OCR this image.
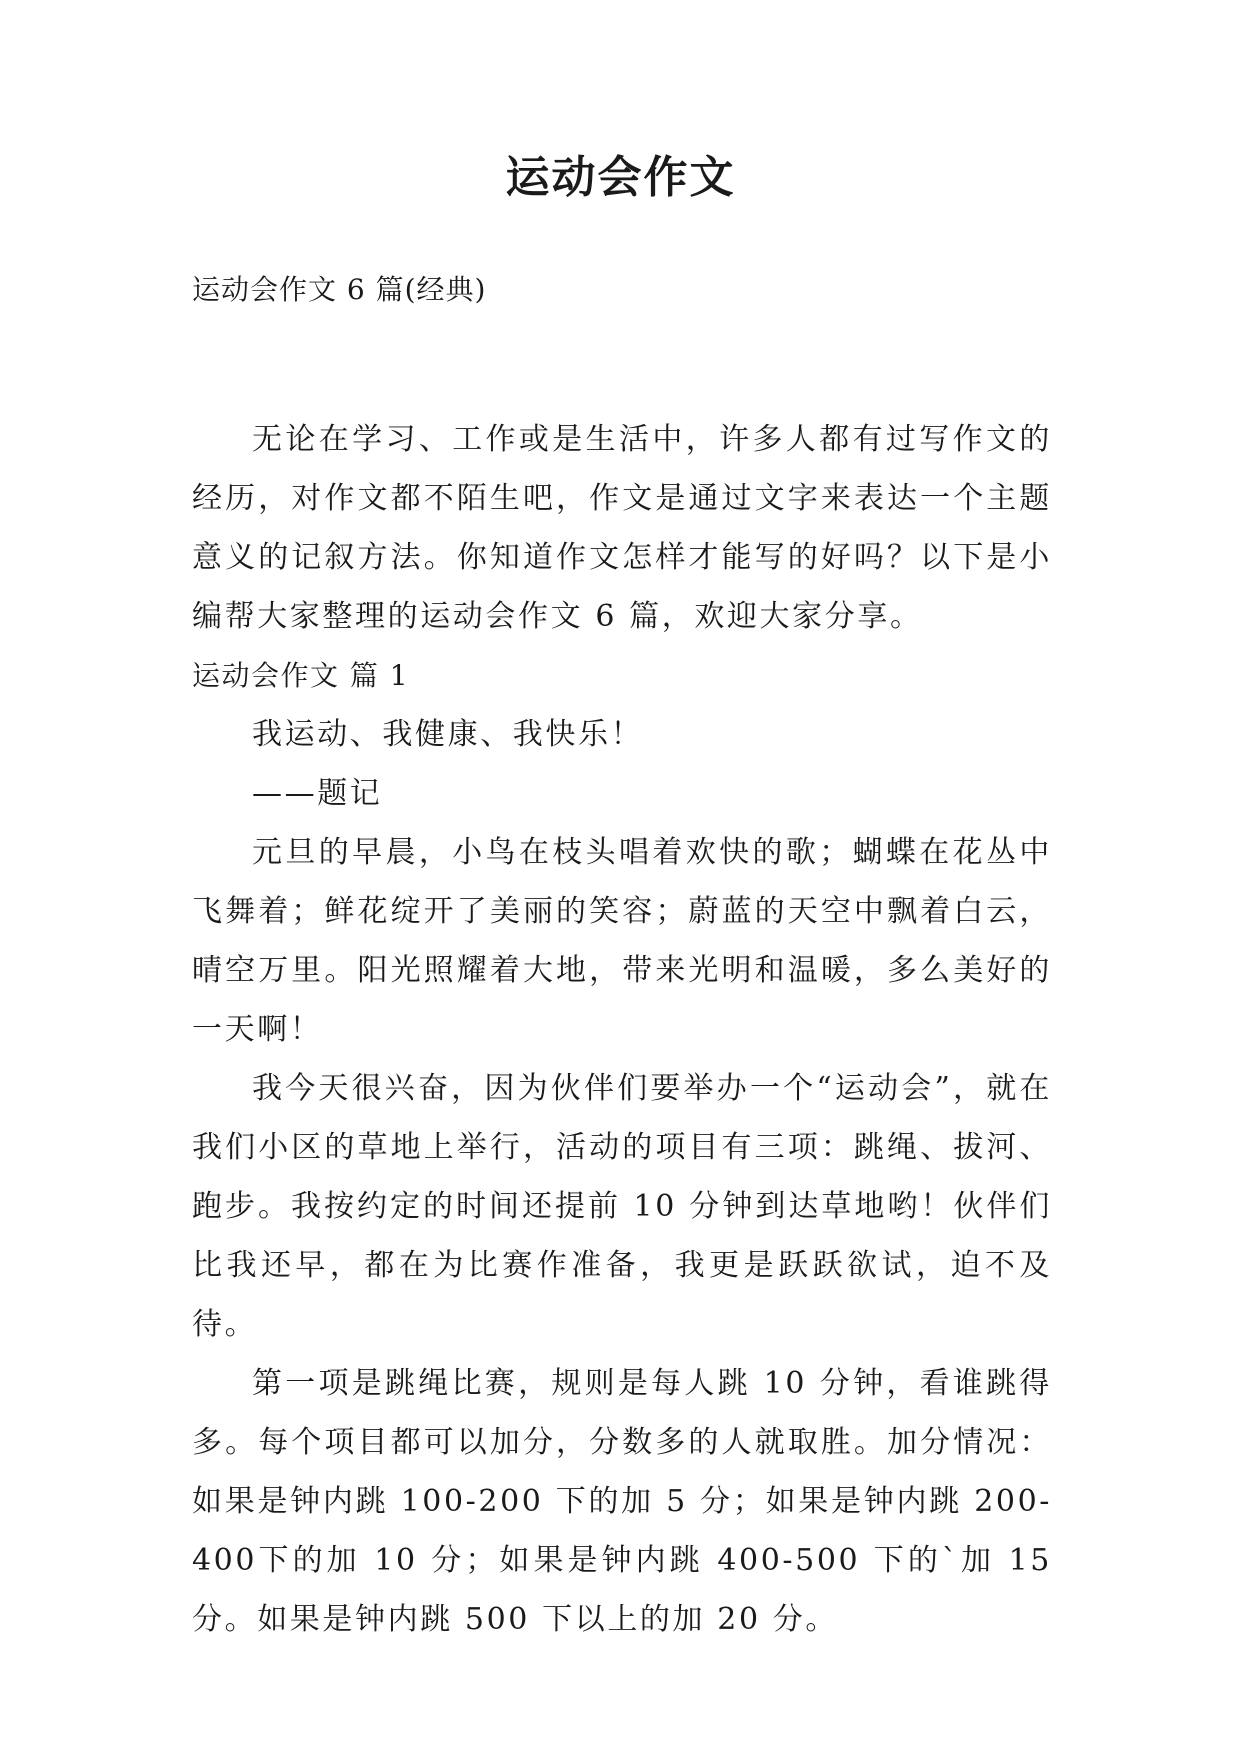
运动会作文
运动会作文 6 篇(经典)

无论在学习、工作或是生活中，许多人都有过写作文的经历，对作文都不陌生吧，作文是通过文字来表达一个主题意义的记叙方法。你知道作文怎样才能写的好吗？以下是小编帮大家整理的运动会作文 6 篇，欢迎大家分享。

运动会作文 篇 1

我运动、我健康、我快乐！

——题记

元旦的早晨，小鸟在枝头唱着欢快的歌；蝴蝶在花丛中飞舞着；鲜花绽开了美丽的笑容；蔚蓝的天空中飘着白云，晴空万里。阳光照耀着大地，带来光明和温暖，多么美好的一天啊！

我今天很兴奋，因为伙伴们要举办一个“运动会”，就在我们小区的草地上举行，活动的项目有三项：跳绳、拔河、跑步。我按约定的时间还提前 10 分钟到达草地哟！伙伴们比我还早，都在为比赛作准备，我更是跃跃欲试，迫不及待。

第一项是跳绳比赛，规则是每人跳 10 分钟，看谁跳得多。每个项目都可以加分，分数多的人就取胜。加分情况：如果是钟内跳 100-200 下的加 5 分；如果是钟内跳 200-400下的加 10 分；如果是钟内跳 400-500 下的`加 15 分。如果是钟内跳 500 下以上的加 20 分。
